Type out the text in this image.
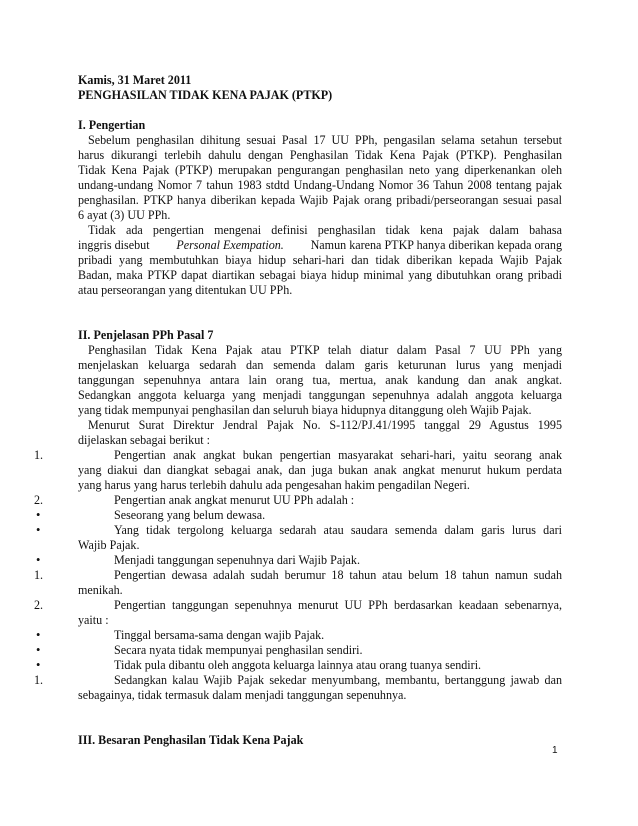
Kamis, 31 Maret 2011
PENGHASILAN TIDAK KENA PAJAK (PTKP)
I. Pengertian
Sebelum penghasilan dihitung sesuai Pasal 17 UU PPh, pengasilan selama setahun tersebut
harus dikurangi terlebih dahulu dengan Penghasilan Tidak Kena Pajak (PTKP). Penghasilan
Tidak Kena Pajak (PTKP) merupakan pengurangan penghasilan neto yang diperkenankan oleh
undang-undang Nomor 7 tahun 1983 stdtd Undang-Undang Nomor 36 Tahun 2008 tentang pajak
penghasilan. PTKP hanya diberikan kepada Wajib Pajak orang pribadi/perseorangan sesuai pasal
6 ayat (3) UU PPh.
Tidak ada pengertian mengenai definisi penghasilan tidak kena pajak dalam bahasa
inggris disebut Personal Exempation. Namun karena PTKP hanya diberikan kepada orang
pribadi yang membutuhkan biaya hidup sehari-hari dan tidak diberikan kepada Wajib Pajak
Badan, maka PTKP dapat diartikan sebagai biaya hidup minimal yang dibutuhkan orang pribadi
atau perseorangan yang ditentukan UU PPh.
II. Penjelasan PPh Pasal 7
Penghasilan Tidak Kena Pajak atau PTKP telah diatur dalam Pasal 7 UU PPh yang
menjelaskan keluarga sedarah dan semenda dalam garis keturunan lurus yang menjadi
tanggungan sepenuhnya antara lain orang tua, mertua, anak kandung dan anak angkat.
Sedangkan anggota keluarga yang menjadi tanggungan sepenuhnya adalah anggota keluarga
yang tidak mempunyai penghasilan dan seluruh biaya hidupnya ditanggung oleh Wajib Pajak.
Menurut Surat Direktur Jendral Pajak No. S-112/PJ.41/1995 tanggal 29 Agustus 1995
dijelaskan sebagai berikut :
1.	Pengertian anak angkat bukan pengertian masyarakat sehari-hari, yaitu seorang anak
yang diakui dan diangkat sebagai anak, dan juga bukan anak angkat menurut hukum perdata
yang harus yang harus terlebih dahulu ada pengesahan hakim pengadilan Negeri.
2.	Pengertian anak angkat menurut UU PPh adalah :
•	Seseorang yang belum dewasa.
•	Yang tidak tergolong keluarga sedarah atau saudara semenda dalam garis lurus dari
Wajib Pajak.
•	Menjadi tanggungan sepenuhnya dari Wajib Pajak.
1.	Pengertian dewasa adalah sudah berumur 18 tahun atau belum 18 tahun namun sudah
menikah.
2.	Pengertian tanggungan sepenuhnya menurut UU PPh berdasarkan keadaan sebenarnya,
yaitu :
•	Tinggal bersama-sama dengan wajib Pajak.
•	Secara nyata tidak mempunyai penghasilan sendiri.
•	Tidak pula dibantu oleh anggota keluarga lainnya atau orang tuanya sendiri.
1.	Sedangkan kalau Wajib Pajak sekedar menyumbang, membantu, bertanggung jawab dan
sebagainya, tidak termasuk dalam menjadi tanggungan sepenuhnya.
III. Besaran Penghasilan Tidak Kena Pajak
1
